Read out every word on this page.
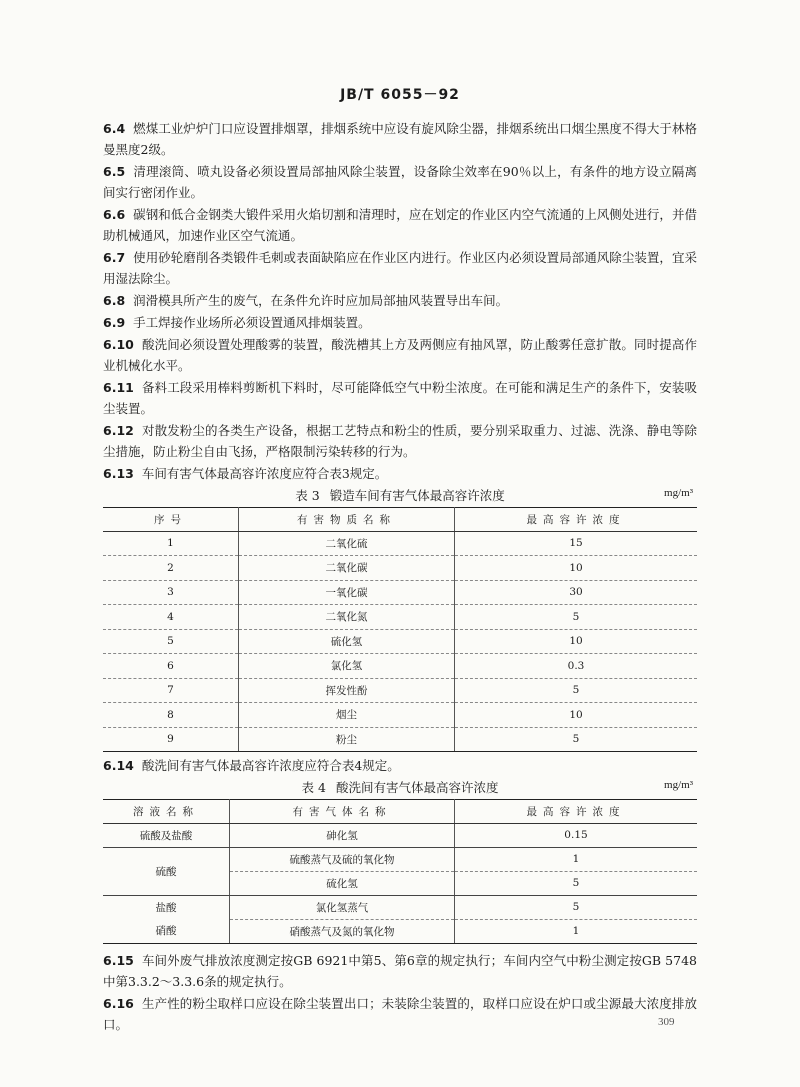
JB/T 6055－92

6.4 燃煤工业炉炉门口应设置排烟罩，排烟系统中应设有旋风除尘器，排烟系统出口烟尘黑度不得大于林格曼黑度2级。

6.5 清理滚筒、喷丸设备必须设置局部抽风除尘装置，设备除尘效率在90％以上，有条件的地方设立隔离间实行密闭作业。

6.6 碳钢和低合金钢类大锻件采用火焰切割和清理时，应在划定的作业区内空气流通的上风侧处进行，并借助机械通风，加速作业区空气流通。

6.7 使用砂轮磨削各类锻件毛刺或表面缺陷应在作业区内进行。作业区内必须设置局部通风除尘装置，宜采用湿法除尘。

6.8 润滑模具所产生的废气，在条件允许时应加局部抽风装置导出车间。

6.9 手工焊接作业场所必须设置通风排烟装置。

6.10 酸洗间必须设置处理酸雾的装置，酸洗槽其上方及两侧应有抽风罩，防止酸雾任意扩散。同时提高作业机械化水平。

6.11 备料工段采用棒料剪断机下料时，尽可能降低空气中粉尘浓度。在可能和满足生产的条件下，安装吸尘装置。

6.12 对散发粉尘的各类生产设备，根据工艺特点和粉尘的性质，要分别采取重力、过滤、洗涤、静电等除尘措施，防止粉尘自由飞扬，严格限制污染转移的行为。

6.13 车间有害气体最高容许浓度应符合表3规定。

表 3 锻造车间有害气体最高容许浓度	mg/m³
序号	有害物质名称	最高容许浓度
1	二氧化硫	15
2	二氧化碳	10
3	一氧化碳	30
4	二氧化氮	5
5	硫化氢	10
6	氯化氢	0.3
7	挥发性酚	5
8	烟尘	10
9	粉尘	5

6.14 酸洗间有害气体最高容许浓度应符合表4规定。

表 4 酸洗间有害气体最高容许浓度	mg/m³
溶液名称	有害气体名称	最高容许浓度
硫酸及盐酸	砷化氢	0.15
硫酸	硫酸蒸气及硫的氧化物	1
	硫化氢	5
盐酸	氯化氢蒸气	5
硝酸	硝酸蒸气及氮的氧化物	1

6.15 车间外废气排放浓度测定按GB 6921中第5、第6章的规定执行；车间内空气中粉尘测定按GB 5748中第3.3.2～3.3.6条的规定执行。

6.16 生产性的粉尘取样口应设在除尘装置出口；未装除尘装置的，取样口应设在炉口或尘源最大浓度排放口。	309
